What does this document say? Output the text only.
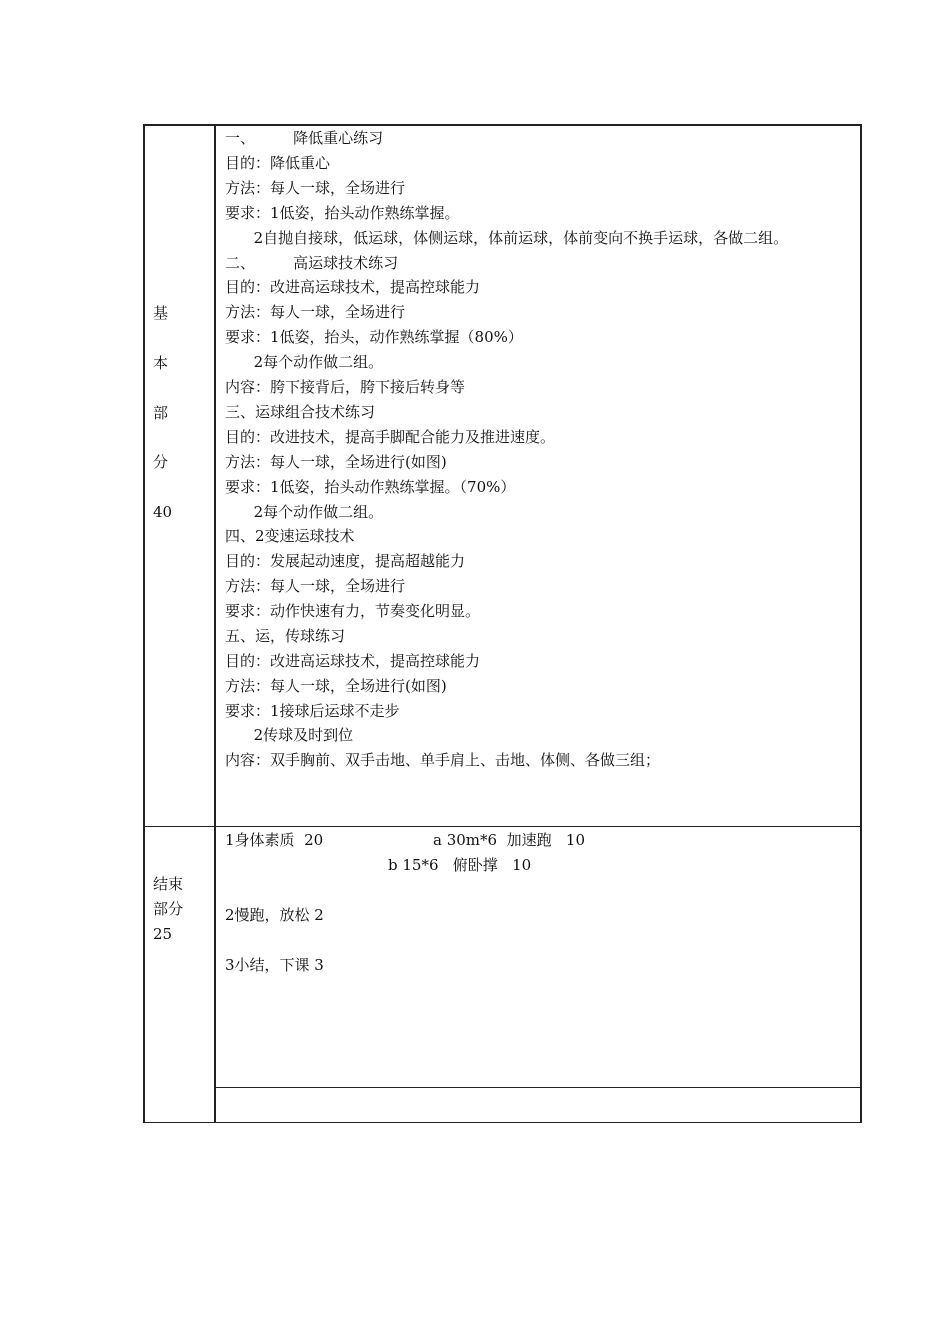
基
本
部
分
40
一、        降低重心练习
目的：降低重心
方法：每人一球，全场进行
要求：1低姿，抬头动作熟练掌握。
2自抛自接球，低运球，体侧运球，体前运球，体前变向不换手运球，各做二组。
二、        高运球技术练习
目的：改进高运球技术，提高控球能力
方法：每人一球，全场进行
要求：1低姿，抬头，动作熟练掌握（80%）
2每个动作做二组。
内容：胯下接背后，胯下接后转身等
三、运球组合技术练习
目的：改进技术，提高手脚配合能力及推进速度。
方法：每人一球，全场进行(如图)
要求：1低姿，抬头动作熟练掌握。（70%）
2每个动作做二组。
四、2变速运球技术
目的：发展起动速度，提高超越能力
方法：每人一球，全场进行
要求：动作快速有力，节奏变化明显。
五、运，传球练习
目的：改进高运球技术，提高控球能力
方法：每人一球，全场进行(如图)
要求：1接球后运球不走步
2传球及时到位
内容：双手胸前、双手击地、单手肩上、击地、体侧、各做三组；
结束
部分
25
1身体素质  20	a 30m*6  加速跑   10
b 15*6   俯卧撑   10
2慢跑，放松 2
3小结，下课 3
